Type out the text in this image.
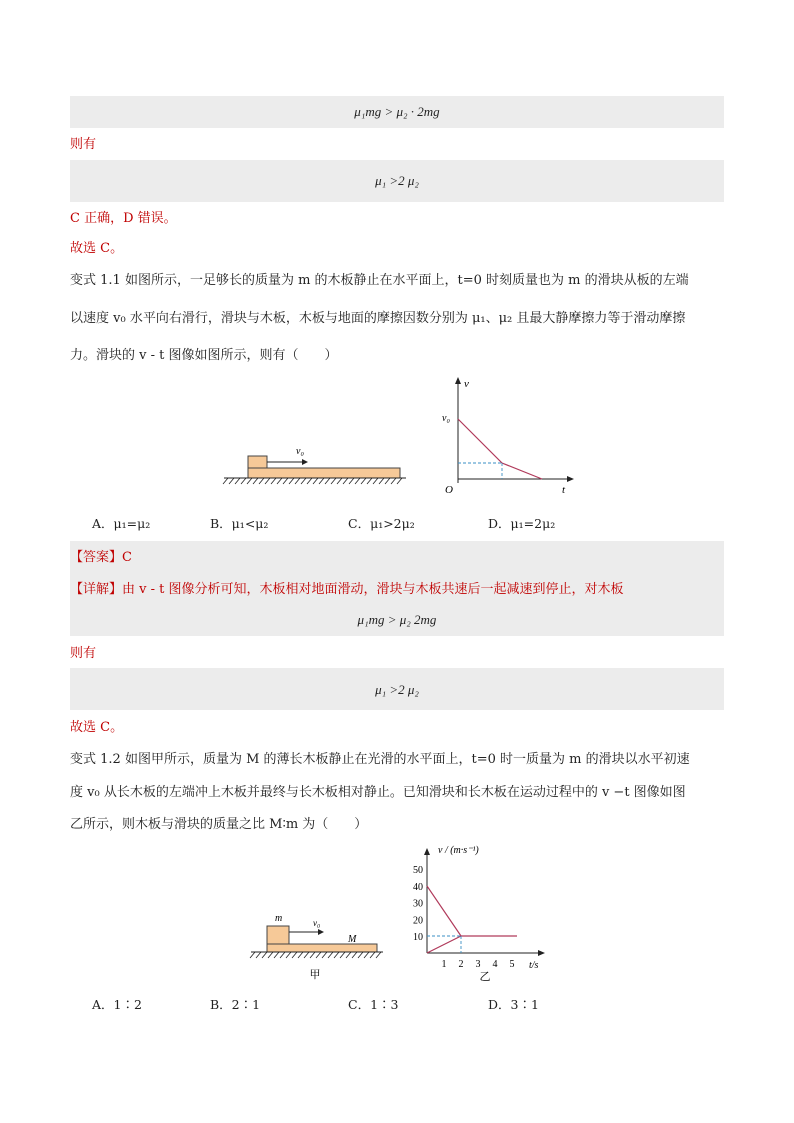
μ₁mg > μ₂ · 2mg
则有
μ₁ >2 μ₂
C 正确，D 错误。
故选 C。
变式 1.1 如图所示，一足够长的质量为 m 的木板静止在水平面上，t=0 时刻质量也为 m 的滑块从板的左端
以速度 v₀ 水平向右滑行，滑块与木板，木板与地面的摩擦因数分别为 μ₁、μ₂ 且最大静摩擦力等于滑动摩擦
力。滑块的 v - t 图像如图所示，则有（　　）
v₀
v
t
O
v₀
A．μ₁=μ₂	B．μ₁<μ₂	C．μ₁>2μ₂	D．μ₁=2μ₂
【答案】C
【详解】由 v - t 图像分析可知，木板相对地面滑动，滑块与木板共速后一起减速到停止，对木板
μ₁mg > μ₂ 2mg
则有
μ₁ >2 μ₂
故选 C。
变式 1.2 如图甲所示，质量为 M 的薄长木板静止在光滑的水平面上，t=0 时一质量为 m 的滑块以水平初速
度 v₀ 从长木板的左端冲上木板并最终与长木板相对静止。已知滑块和长木板在运动过程中的 v −t 图像如图
乙所示，则木板与滑块的质量之比 M∶m 为（　　）
m	v₀
M
甲
v / (m·s⁻¹)
t/s
10
20
30
40
50
1 2 3 4 5
乙
A．1∶2	B．2∶1	C．1∶3	D．3∶1
